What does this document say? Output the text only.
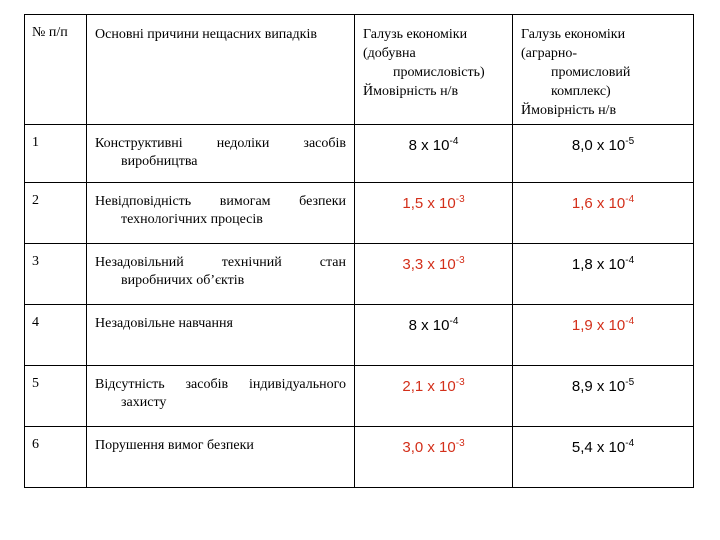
№ п/п	Основні причини нещасних випадків	Галузь економіки
(добувна
промисловість)
Ймовірність н/в	Галузь економіки
(аграрно-
промисловий
комплекс)
Ймовірність н/в

1	Конструктивні недоліки засобів
виробництва	8 х $10^{-4}$	8,0 х $10^{-5}$

2	Невідповідність вимогам безпеки
технологічних процесів	1,5 х $10^{-3}$	1,6 х $10^{-4}$

3	Незадовільний технічний стан
виробничих об’єктів	3,3 х $10^{-3}$	1,8 х $10^{-4}$

4	Незадовільне навчання	8 х $10^{-4}$	1,9 х $10^{-4}$

5	Відсутність засобів індивідуального
захисту	2,1 х $10^{-3}$	8,9 х $10^{-5}$

6	Порушення вимог безпеки	3,0 х $10^{-3}$	5,4 х $10^{-4}$
